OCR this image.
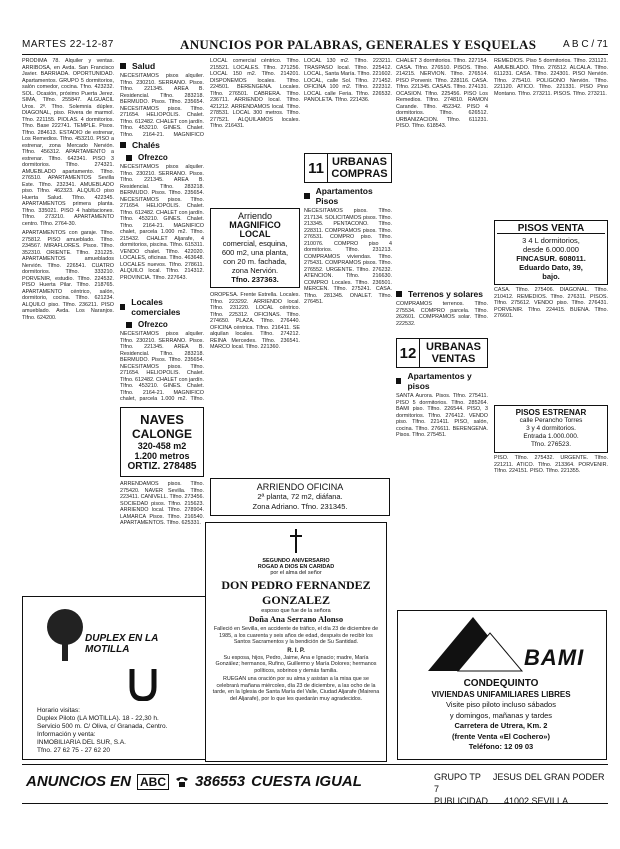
MARTES 22-12-87	ANUNCIOS POR PALABRAS, GENERALES Y ESQUELAS	A B C / 71
PRODIMA 78. Alquiler y ventas. ARRIBOSA, en Avda. San Francisco Javier. BARRIADA. OPORTUNIDAD. Apartamentos. GRUPO 5 dormitorios, salón comedor, cocina. Tfno. 423232. SOL. Ocasión, próximo Puerta Jerez. SIMA, Tlfno. 255847. ALGUACIL Uros. 2º. Tfno. Solemnia dúplex. DIAGONAL, piso. Rivera de marmol. Tfno. 221155. PIOLAS. 4 dormitorios. Tfno. Base 222741. TEMPLE. Pisos. Tlfno. 284613. ESTADIO de estrenar, Los Remedios. Tlfno. 453210. PISO a estrenar, zona Mercado Nervión. Tlfno. 456312. APARTAMENTO a estrenar. Tlfno. 642341. PISO 3 dormitorios. Tlfno. 274321. AMUEBLADO apartamento. Tlfno. 276510. APARTAMENTOS Sevilla Este. Tlfno. 232341. AMUEBLADO piso. Tlfno. 462323. ALQUILO piso Huerta Salud. Tlfno. 422345. APARTAMENTOS primera planta. Tlfno. 335021. PISO 4 habitaciones. Tlfno. 273210. APARTAMENTO centro. Tlfno. 2764-30.
APARTAMENTOS con garaje. Tlfno. 275812. PISO amueblado. Tlfno. 234567. MIRAFLORES. Pisos. Tlfno. 352310. ORIENTE. Tlfno. 231225. APARTAMENTOS amueblados Nervión. Tlfno. 226541. CUATRO dormitorios. Tlfno. 333210. PORVENIR, estudio. Tlfno. 224532. PISO Huerta Pilar. Tlfno. 218765. APARTAMENTO céntrico, salón, dormitorio, cocina. Tlfno. 621234. ALQUILO piso. Tlfno. 236211. PISO amueblado. Avda. Los Naranjos. Tlfno. 624200.
Salud
NECESITAMOS pisos alquiler. Tlfno. 230210. SERRANO. Pisos. Tlfno. 221345. AREA B. Residencial. Tlfno. 283218. BERMUDO. Pisos. Tlfno. 235654. NECESITAMOS pisos. Tlfno. 271654. HELIOPOLIS. Chalet. Tlfno. 612482. CHALET con jardín. Tlfno. 453210. GINES. Chalet. Tlfno. 2164-21. MAGNIFICO
Chalés
Ofrezco
NECESITAMOS pisos alquiler. Tlfno. 230210. SERRANO. Pisos. Tlfno. 221345. AREA B. Residencial. Tlfno. 283218. BERMUDO. Pisos. Tlfno. 235654. NECESITAMOS pisos. Tlfno. 271654. HELIOPOLIS. Chalet. Tlfno. 612482. CHALET con jardín. Tlfno. 453210. GINES. Chalet. Tlfno. 2164-21. MAGNIFICO chalet, parcela 1.000 m2. Tlfno. 215432. CHALET Aljarafe, 4 dormitorios, piscina. Tlfno. 615311. VENDO chalet. Tlfno. 422020. LOCALES, oficinas. Tlfno. 463648. LOCALES nuevos. Tlfno. 278611. ALQUILO local. Tlfno. 214312. PROVINCIA. Tlfno. 227643.
Locales comerciales
Ofrezco
NECESITAMOS pisos alquiler. Tlfno. 230210. SERRANO. Pisos. Tlfno. 221345. AREA B. Residencial. Tlfno. 283218. BERMUDO. Pisos. Tlfno. 235654. NECESITAMOS pisos. Tlfno. 271654. HELIOPOLIS. Chalet. Tlfno. 612482. CHALET con jardín. Tlfno. 453210. GINES. Chalet. Tlfno. 2164-21. MAGNIFICO chalet, parcela 1.000 m2. Tlfno.
NAVES
CALONGE
320-458 m2
1.200 metros
ORTIZ. 278485
ARRENDAMOS pisos. Tlfno. 275420. NAVER Sevilla. Tlfno. 223411. CANIVELL. Tlfno. 273456. SOCIEDAD pisos. Tlfno. 215623. ARRIENDO local. Tlfno. 278904. LAMARCA Pisos. Tlfno. 216540. APARTAMENTOS. Tlfno. 625331.
DUPLEX EN LA MOTILLA
Horario visitas:
Duplex Piloto (LA MOTILLA). 18 - 22,30 h.
Servicio 500 m. C/ Oliva, c/ Granada, Centro.
Información y venta:
INMOBILIARIA DEL SUR, S.A.
Tfno. 27 62 75 - 27 62 20
LOCAL comercial céntrico. Tlfno. 215521. LOCALES. Tlfno. 271256. LOCAL 150 m2. Tlfno. 214201. DISPONEMOS locales. Tlfno. 224501. BERENGENA. Locales. Tlfno. 276501. CABRERA. Tlfno. 236711. ARRIENDO local. Tlfno. 421212. ARRENDAMOS local. Tlfno. 278531. LOCAL 300 metros. Tlfno. 277521. ALQUILAMOS locales. Tlfno. 216431.
Arriendo
MAGNIFICO LOCAL
comercial, esquina,
600 m2, una planta,
con 20 m. fachada,
zona Nervión.
Tfno. 237363.
OROPESA. Frente Estrella. Locales. Tlfno. 223292. ARRIENDO local. Tlfno. 231220. LOCAL céntrico. Tlfno. 225312. OFICINAS. Tlfno. 274650. PLAZA. Tlfno. 276440. OFICINA céntrica. Tlfno. 216411. SE alquilan locales. Tlfno. 274212. REINA Mercedes. Tlfno. 236541. MARCO local. Tlfno. 221360.
LOCAL 130 m2. Tlfno. 223211. TRASPASO local. Tlfno. 225412. LOCAL, Santa María. Tlfno. 221602. LOCAL, calle Sol. Tlfno. 271452. OFICINA 100 m2. Tlfno. 222312. LOCAL calle Feria. Tlfno. 226532. PANOLETA. Tlfno. 221436.
11 URBANAS
COMPRAS
Apartamentos Pisos
NECESITAMOS pisos. Tlfno. 217134. SOLICITAMOS pisos. Tlfno. 213345. PENTACONO. Tlfno. 228311. COMPRAMOS pisos. Tlfno. 276531. COMPRO piso. Tlfno. 210076. COMPRO piso 4 dormitorios. Tlfno. 231213. COMPRAMOS viviendas. Tlfno. 275431. COMPRAMOS pisos. Tlfno. 276552. URGENTE. Tlfno. 276232. ATENCION. Tlfno. 216630. COMPRO Locales. Tlfno. 236501. MERCEN. Tlfno. 275241. CASA. Tlfno. 281345. ONALET. Tlfno. 276451.
ARRIENDO OFICINA
2ª planta, 72 m2, diáfana.
Zona Adriano. Tfno. 231345.
SEGUNDO ANIVERSARIO
ROGAD A DIOS EN CARIDAD
por el alma del señor
DON PEDRO FERNANDEZ
GONZALEZ
esposo que fue de la señora
Doña Ana Serrano Alonso
Falleció en Sevilla, en accidente de tráfico, el día 23 de diciembre de 1985, a los cuarenta y seis años de edad, después de recibir los Santos Sacramentos y la bendición de Su Santidad.
R. I. P.
Su esposa, hijos, Pedro, Jaime, Ana e Ignacio; madre, María González; hermanos, Rufino, Guillermo y María Dolores; hermanos políticos, sobrinos y demás familia.
RUEGAN una oración por su alma y asistan a la misa que se celebrará mañana miércoles, día 23 de diciembre, a las ocho de la tarde, en la Iglesia de Santa María del Valle, Ciudad Aljarafe (Mairena del Aljarafe), por lo que les quedarán muy agradecidos.
CHALET 3 dormitorios. Tlfno. 227154. CASA. Tlfno. 276510. PISOS. Tlfno. 214215. NERVION. Tlfno. 276514. PISO Porvenir. Tlfno. 228116. CASA. Tlfno. 221345. CASAS. Tlfno. 274131. OCASION. Tlfno. 225456. PISO Los Remedios. Tlfno. 274810. RAMON Carande. Tlfno. 452342. PISO 4 dormitorios. Tlfno. 626512. URBANIZACION. Tlfno. 611231. PISO. Tlfno. 618543.
Terrenos y solares
COMPRAMOS terrenos. Tlfno. 275534. COMPRO parcela. Tlfno. 262601. COMPRAMOS solar. Tlfno. 222532.
12 URBANAS
VENTAS
Apartamentos y pisos
SANTA Aurora. Pisos. Tlfno. 275411. PISO 5 dormitorios. Tlfno. 285264. BAMI piso. Tlfno. 226544. PISO, 3 dormitorios. Tlfno. 276412. VENDO piso. Tlfno. 221411. PISO, salón, cocina. Tlfno. 276611. BERENGENA. Pisos. Tlfno. 275451.
REMEDIOS. Piso 5 dormitorios. Tlfno. 231121. AMUEBLADO. Tlfno. 276512. ALCALA. Tlfno. 611231. CASA. Tlfno. 224301. PISO Nervión. Tlfno. 275410. POLIGONO Nervión. Tlfno. 221120. ATICO. Tlfno. 221331. PISO Pino Montano. Tlfno. 273211. PISOS. Tlfno. 273211.
PISOS VENTA
3 4 L dormitorios,
desde 6.000.000
FINCASUR. 608011.
Eduardo Dato, 39,
bajo.
CASA. Tlfno. 275406. DIAGONAL. Tlfno. 210412. REMEDIOS. Tlfno. 276311. PISOS. Tlfno. 275612. VENDO piso. Tlfno. 276431. PORVENIR. Tlfno. 224415. BUENA. Tlfno. 276601.
PISOS ESTRENAR
calle Perancho Torres
3 y 4 dormitorios.
Entrada 1.000.000.
Tfno. 276523.
PISO. Tlfno. 275432. URGENTE. Tlfno. 221211. ATICO. Tlfno. 213364. PORVENIR. Tlfno. 224151. PISO. Tlfno. 221355.
BAMI
CONDEQUINTO
VIVIENDAS UNIFAMILIARES LIBRES
Visite piso piloto incluso sábados
y domingos, mañanas y tardes
Carretera de Utrera, Km. 2
(frente Venta «El Cochero»)
Teléfono: 12 09 03
ANUNCIOS EN ABC 386553 CUESTA IGUAL	GRUPO TP JESUS DEL GRAN PODER 7
PUBLICIDAD 41002 SEVILLA
